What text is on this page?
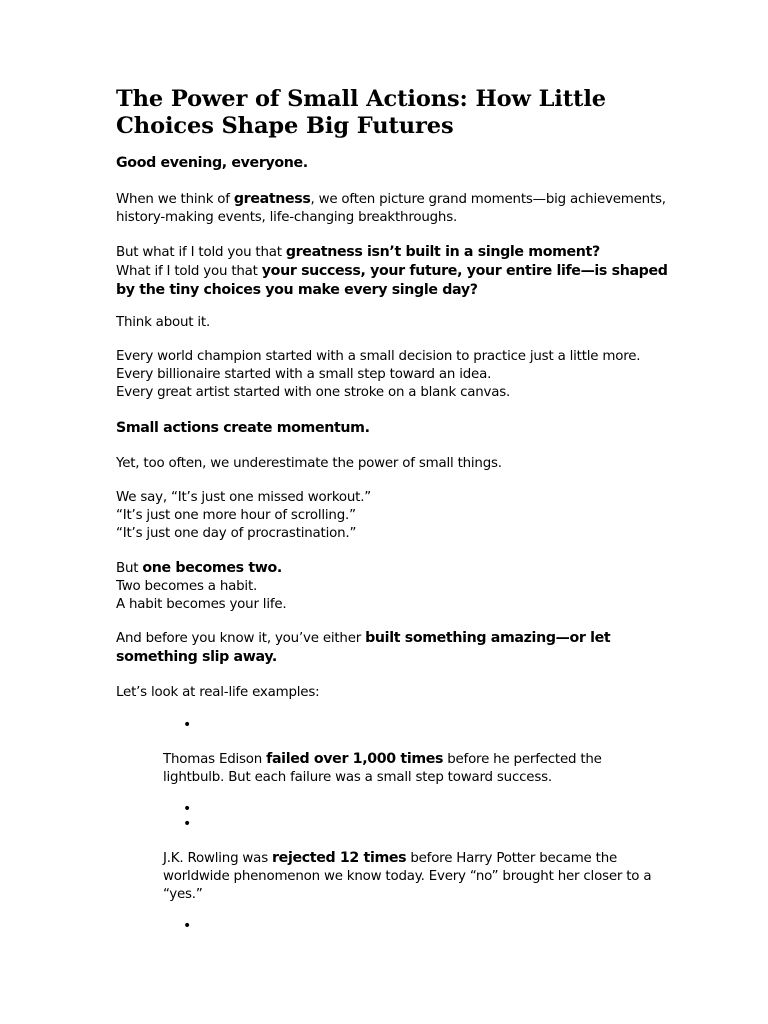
The Power of Small Actions: How Little Choices Shape Big Futures

Good evening, everyone.

When we think of greatness, we often picture grand moments—big achievements, history-making events, life-changing breakthroughs.

But what if I told you that greatness isn’t built in a single moment?

What if I told you that your success, your future, your entire life—is shaped by the tiny choices you make every single day?

Think about it.

Every world champion started with a small decision to practice just a little more.

Every billionaire started with a small step toward an idea.

Every great artist started with one stroke on a blank canvas.

Small actions create momentum.

Yet, too often, we underestimate the power of small things.

We say, “It’s just one missed workout.”

“It’s just one more hour of scrolling.”

“It’s just one day of procrastination.”

But one becomes two.

Two becomes a habit.

A habit becomes your life.

And before you know it, you’ve either built something amazing—or let something slip away.

Let’s look at real-life examples:

•

Thomas Edison failed over 1,000 times before he perfected the lightbulb. But each failure was a small step toward success.

•
•

J.K. Rowling was rejected 12 times before Harry Potter became the worldwide phenomenon we know today. Every “no” brought her closer to a “yes.”

•
